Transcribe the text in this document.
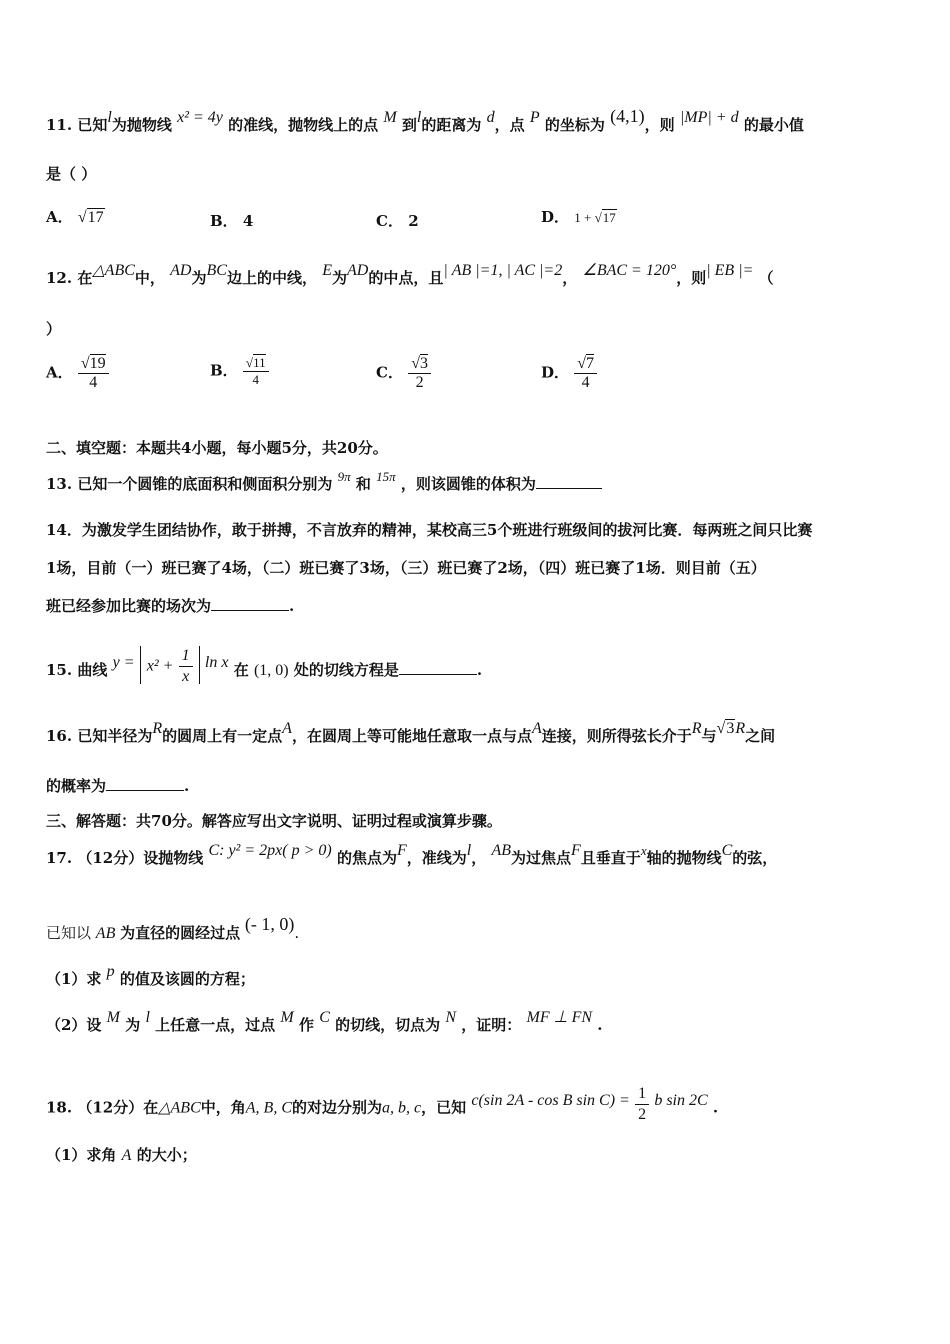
11. 已知l为抛物线 x² = 4y 的准线，抛物线上的点 M 到l的距离为 d，点 P 的坐标为 (4,1)，则 |MP| + d 的最小值
是（ ）
A． √17	B． 4	C． 2	D． 1 + √17
12. 在△ABC中， AD为BC边上的中线， E为AD的中点，且| AB |=1, | AC |=2， ∠BAC = 120°，则| EB |= （
）
A． $\frac{√19}{4}$	B． $\frac{√11}{4}$	C． $\frac{√3}{2}$	D． $\frac{√7}{4}$
二、填空题：本题共4小题，每小题5分，共20分。
13. 已知一个圆锥的底面积和侧面积分别为 9π 和 15π ，则该圆锥的体积为
14．为激发学生团结协作，敢于拼搏，不言放弃的精神，某校高三5个班进行班级间的拔河比赛．每两班之间只比赛
1场，目前（一）班已赛了4场，（二）班已赛了3场，（三）班已赛了2场，（四）班已赛了1场．则目前（五）
班已经参加比赛的场次为	.
15. 曲线 $y = x^2 + \frac{1}{x}$ ln x 在 (1, 0) 处的切线方程是	.
16. 已知半径为R的圆周上有一定点A，在圆周上等可能地任意取一点与点A连接，则所得弦长介于R与√3R之间
的概率为	.
三、解答题：共70分。解答应写出文字说明、证明过程或演算步骤。
17. （12分）设抛物线 C: y² = 2px( p > 0) 的焦点为F，准线为l， AB为过焦点F且垂直于x轴的抛物线C的弦，
已知以 AB 为直径的圆经过点 (- 1, 0).
（1）求 p 的值及该圆的方程；
（2）设 M 为 l 上任意一点，过点 M 作 C 的切线，切点为 N ，证明： MF ⊥ FN .
18. （12分）在△ABC中，角A, B, C的对边分别为a, b, c，已知 c(sin 2A - cos B $\sin C) = \frac{1}{2}$ b sin 2C .
（1）求角 A 的大小；
